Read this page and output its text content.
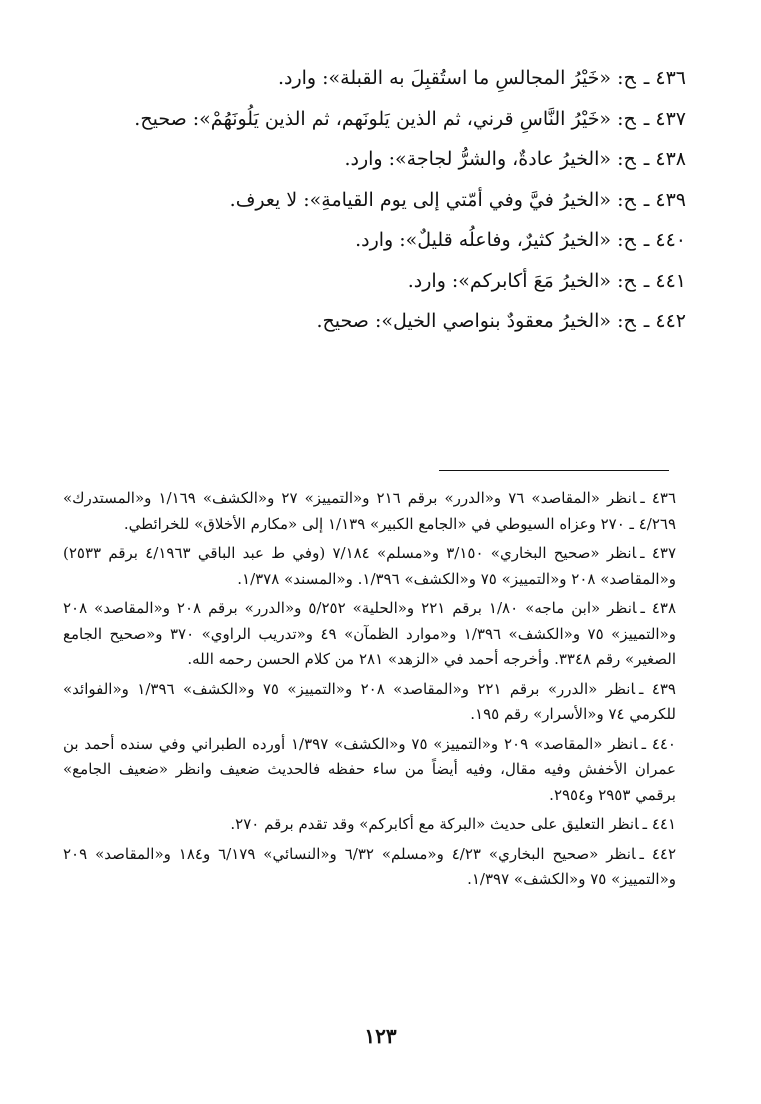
٤٣٦ ـح: «خَيْرُ المجالسِ ما استُقبِلَ به القبلة»: وارد.
٤٣٧ ـح: «خَيْرُ النَّاسِ قرني، ثم الذين يَلونَهم، ثم الذين يَلُونَهُمْ»: صحيح.
٤٣٨ ـح: «الخيرُ عادةٌ، والشرُّ لجاجة»: وارد.
٤٣٩ ـح: «الخيرُ فيَّ وفي أمّتي إلى يوم القيامةِ»: لا يعرف.
٤٤٠ ـح: «الخيرُ كثيرٌ، وفاعلُه قليلٌ»: وارد.
٤٤١ ـح: «الخيرُ مَعَ أكابركم»: وارد.
٤٤٢ ـح: «الخيرُ معقودٌ بنواصي الخيل»: صحيح.

٤٣٦ ـانظر «المقاصد» ٧٦ و«الدرر» برقم ٢١٦ و«التمييز» ٢٧ و«الكشف» ١/١٦٩ و«المستدرك» ٤/٢٦٩ ـ ٢٧٠ وعزاه السيوطي في «الجامع الكبير» ١/١٣٩ إلى «مكارم الأخلاق» للخرائطي.

٤٣٧ ـانظر «صحيح البخاري» ٣/١٥٠ و«مسلم» ٧/١٨٤ (وفي ط عبد الباقي ٤/١٩٦٣ برقم ٢٥٣٣) و«المقاصد» ٢٠٨ و«التمييز» ٧٥ و«الكشف» ١/٣٩٦. و«المسند» ١/٣٧٨.

٤٣٨ ـانظر «ابن ماجه» ١/٨٠ برقم ٢٢١ و«الحلية» ٥/٢٥٢ و«الدرر» برقم ٢٠٨ و«المقاصد» ٢٠٨ و«التمييز» ٧٥ و«الكشف» ١/٣٩٦ و«موارد الظمآن» ٤٩ و«تدريب الراوي» ٣٧٠ و«صحيح الجامع الصغير» رقم ٣٣٤٨. وأخرجه أحمد في «الزهد» ٢٨١ من كلام الحسن رحمه الله.

٤٣٩ ـانظر «الدرر» برقم ٢٢١ و«المقاصد» ٢٠٨ و«التمييز» ٧٥ و«الكشف» ١/٣٩٦ و«الفوائد» للكرمي ٧٤ و«الأسرار» رقم ١٩٥.

٤٤٠ ـانظر «المقاصد» ٢٠٩ و«التمييز» ٧٥ و«الكشف» ١/٣٩٧ أورده الطبراني وفي سنده أحمد بن عمران الأخفش وفيه مقال، وفيه أيضاً من ساء حفظه فالحديث ضعيف وانظر «ضعيف الجامع» برقمي ٢٩٥٣ و٢٩٥٤.

٤٤١ ـانظر التعليق على حديث «البركة مع أكابركم» وقد تقدم برقم ٢٧٠.

٤٤٢ ـانظر «صحيح البخاري» ٤/٢٣ و«مسلم» ٦/٣٢ و«النسائي» ٦/١٧٩ و١٨٤ و«المقاصد» ٢٠٩ و«التمييز» ٧٥ و«الكشف» ١/٣٩٧.

١٢٣
